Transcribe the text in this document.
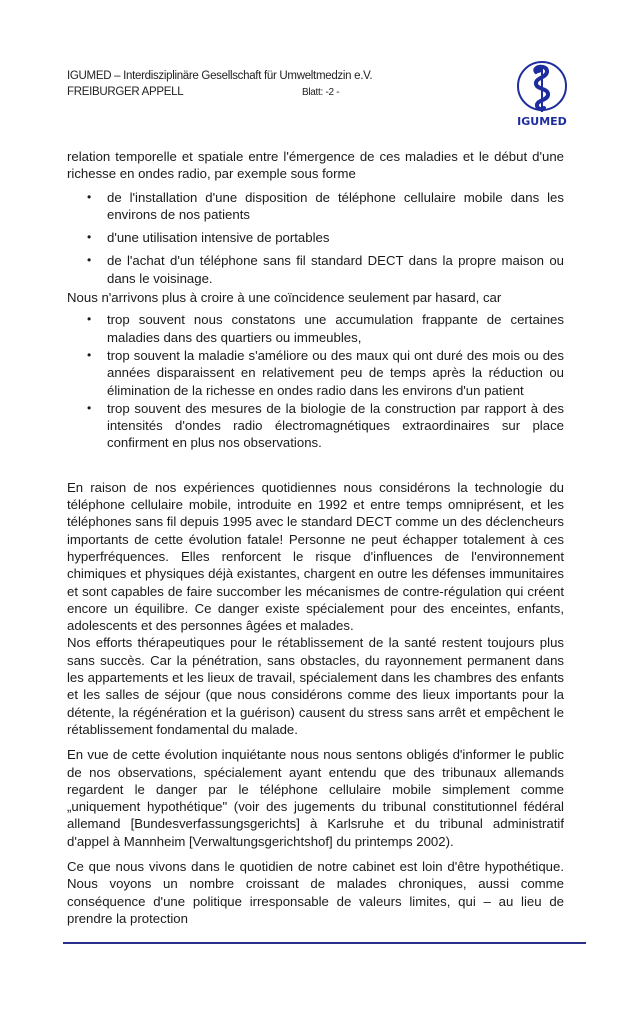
IGUMED – Interdisziplinäre Gesellschaft für Umweltmedzin e.V.
FREIBURGER APPELL	Blatt: -2 -
IGUMED

relation temporelle et spatiale entre l'émergence de ces maladies et le début d'une richesse en ondes radio, par exemple sous forme

• de l'installation d'une disposition de téléphone cellulaire mobile dans les environs de nos patients
• d'une utilisation intensive de portables
• de l'achat d'un téléphone sans fil standard DECT dans la propre maison ou dans le voisinage.

Nous n'arrivons plus à croire à une coïncidence seulement par hasard, car

• trop souvent nous constatons une accumulation frappante de certaines maladies dans des quartiers ou immeubles,
• trop souvent la maladie s'améliore ou des maux qui ont duré des mois ou des années disparaissent en relativement peu de temps après la réduction ou élimination de la richesse en ondes radio dans les environs d'un patient
• trop souvent des mesures de la biologie de la construction par rapport à des intensités d'ondes radio électromagnétiques extraordinaires sur place confirment en plus nos observations.

En raison de nos expériences quotidiennes nous considérons la technologie du téléphone cellulaire mobile, introduite en 1992 et entre temps omniprésent, et les téléphones sans fil depuis 1995 avec le standard DECT comme un des déclencheurs importants de cette évolution fatale! Personne ne peut échapper totalement à ces hyperfréquences. Elles renforcent le risque d'influences de l'environnement chimiques et physiques déjà existantes, chargent en outre les défenses immunitaires et sont capables de faire succomber les mécanismes de contre-régulation qui créent encore un équilibre. Ce danger existe spécialement pour des enceintes, enfants, adolescents et des personnes âgées et malades.

Nos efforts thérapeutiques pour le rétablissement de la santé restent toujours plus sans succès. Car la pénétration, sans obstacles, du rayonnement permanent dans les appartements et les lieux de travail, spécialement dans les chambres des enfants et les salles de séjour (que nous considérons comme des lieux importants pour la détente, la régénération et la guérison) causent du stress sans arrêt et empêchent le rétablissement fondamental du malade.

En vue de cette évolution inquiétante nous nous sentons obligés d'informer le public de nos observations, spécialement ayant entendu que des tribunaux allemands regardent le danger par le téléphone cellulaire mobile simplement comme „uniquement hypothétique" (voir des jugements du tribunal constitutionnel fédéral allemand [Bundesverfassungsgerichts] à Karlsruhe et du tribunal administratif d'appel à Mannheim [Verwaltungsgerichtshof] du printemps 2002).

Ce que nous vivons dans le quotidien de notre cabinet est loin d'être hypothétique. Nous voyons un nombre croissant de malades chroniques, aussi comme conséquence d'une politique irresponsable de valeurs limites, qui – au lieu de prendre la protection
